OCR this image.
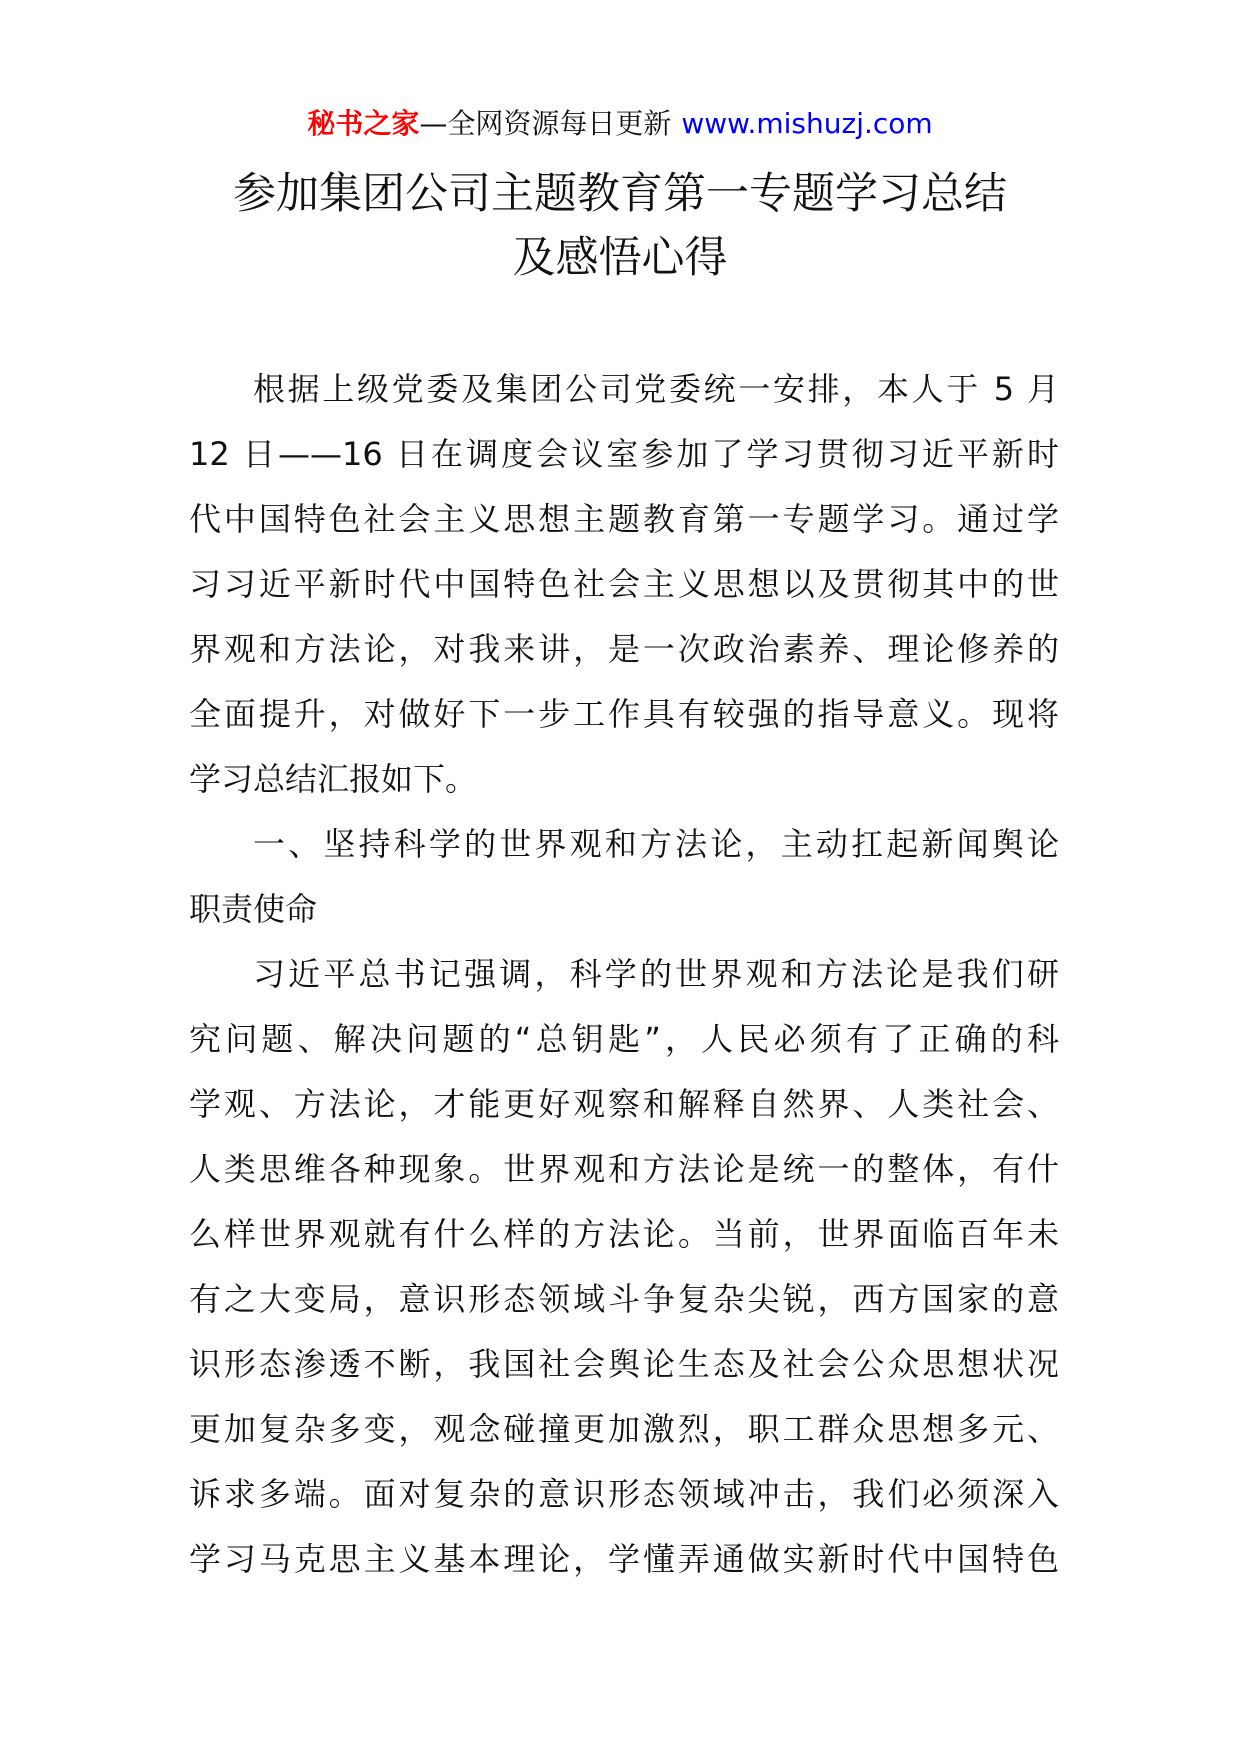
秘书之家—全网资源每日更新 www.mishuzj.com
参加集团公司主题教育第一专题学习总结
及感悟心得
根据上级党委及集团公司党委统一安排，本人于 5 月
12 日——16 日在调度会议室参加了学习贯彻习近平新时
代中国特色社会主义思想主题教育第一专题学习。通过学
习习近平新时代中国特色社会主义思想以及贯彻其中的世
界观和方法论，对我来讲，是一次政治素养、理论修养的
全面提升，对做好下一步工作具有较强的指导意义。现将
学习总结汇报如下。
一、坚持科学的世界观和方法论，主动扛起新闻舆论
职责使命
习近平总书记强调，科学的世界观和方法论是我们研
究问题、解决问题的“总钥匙”，人民必须有了正确的科
学观、方法论，才能更好观察和解释自然界、人类社会、
人类思维各种现象。世界观和方法论是统一的整体，有什
么样世界观就有什么样的方法论。当前，世界面临百年未
有之大变局，意识形态领域斗争复杂尖锐，西方国家的意
识形态渗透不断，我国社会舆论生态及社会公众思想状况
更加复杂多变，观念碰撞更加激烈，职工群众思想多元、
诉求多端。面对复杂的意识形态领域冲击，我们必须深入
学习马克思主义基本理论，学懂弄通做实新时代中国特色
